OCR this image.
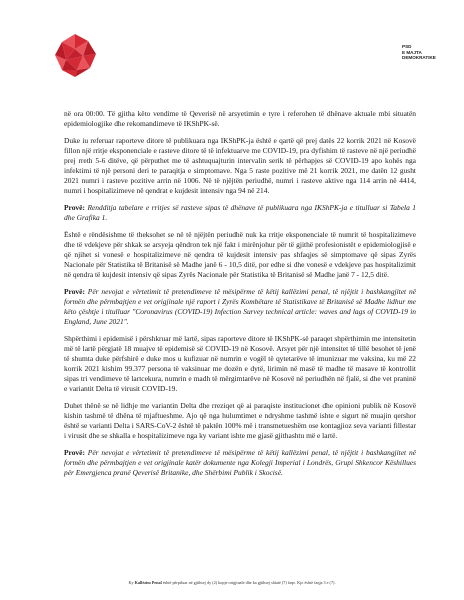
PSD
E MAJTA
DEMOKRATIKE

në ora 00:00. Të gjitha këto vendime të Qeverisë në arsyetimin e tyre i referohen të dhënave aktuale mbi situatën epidemiologjike dhe rekomandimeve të IKShPK-së.

Duke iu referuar raporteve ditore të publikuara nga IKShPK-ja është e qartë që prej datës 22 korrik 2021 në Kosovë fillon një rritje eksponenciale e rasteve ditore të të infektuarve me COVID-19, pra dyfishim të rasteve në një periudhë prej rreth 5-6 ditëve, që përputhet me të ashtuquajturin intervalin serik të përhapjes së COVID-19 apo kohës nga infektimi të një personi deri te paraqitja e simptomave. Nga 5 raste pozitive më 21 korrik 2021, me datën 12 gusht 2021 numri i rasteve pozitive arrin në 1006. Në të njëjtën periudhë, numri i rasteve aktive nga 114 arrin në 4414, numri i hospitalizimeve në qendrat e kujdesit intensiv nga 94 në 214.

Provë: Rendditja tabelare e rritjes së rasteve sipas të dhënave të publikuara nga IKShPK-ja e titulluar si Tabela 1 dhe Grafika 1.

Është e rëndësishme të theksohet se në të njëjtën periudhë nuk ka rritje eksponenciale të numrit të hospitalizimeve dhe të vdekjeve për shkak se arsyeja qëndron tek një fakt i mirënjohur për të gjithë profesionistët e epidemiologjisë e që njihet si vonesë e hospitalizimeve në qendra të kujdesit intensiv pas shfaqjes së simptomave që sipas Zyrës Nacionale për Statistika të Britanisë së Madhe janë 6 - 10,5 ditë, por edhe si dhe vonesë e vdekjeve pas hospitalizimit në qendra të kujdesit intensiv që sipas Zyrës Nacionale për Statistika të Britanisë së Madhe janë 7 - 12,5 ditë.

Provë: Për nevojat e vërtetimit të pretendimeve të mësipërme të këtij kallëzimi penal, të njëjtit i bashkangjitet në formën dhe përmbajtjen e vet origjinale një raport i Zyrës Kombëtare të Statistikave të Britanisë së Madhe lidhur me këto çështje i titulluar "Coronavirus (COVID-19) Infection Survey technical article: waves and lags of COVID-19 in England, June 2021".

Shpërthimi i epidemisë i përshkruar më lartë, sipas raporteve ditore të IKShPK-së paraqet shpërthimin me intensitetin më të lartë përgjatë 18 muajve të epidemisë së COVID-19 në Kosovë. Arsyet për një intensitet të tillë besohet të jenë të shumta duke përfshirë e duke mos u kufizuar në numrin e vogël të qytetarëve të imunizuar me vaksina, ku më 22 korrik 2021 kishim 99.377 persona të vaksinuar me dozën e dytë, lirimin në masë të madhe të masave të kontrollit sipas tri vendimeve të lartcekura, numrin e madh të mërgimtarëve në Kosovë në periudhën në fjalë, si dhe vet praninë e variantit Delta të virusit COVID-19.

Duhet thënë se në lidhje me variantin Delta dhe rreziqet që ai paraqiste institucionet dhe opinioni publik në Kosovë kishin tashmë të dhëna të mjaftueshme. Ajo që nga hulumtimet e ndryshme tashmë ishte e sigurt në muajin qershor është se varianti Delta i SARS-CoV-2 është të paktën 100% më i transmetueshëm ose kontagjioz seva varianti fillestar i virusit dhe se shkalla e hospitalizimeve nga ky variant ishte me gjasë gjithashtu më e lartë.

Provë: Për nevojat e vërtetimit të pretendimeve të mësipërme të këtij kallëzimi penal, të njëjtit i bashkangjitet në formën dhe përmbajtjen e vet origjinale katër dokumente nga Kolegji Imperial i Londrës, Grupi Shkencor Këshillues për Emergjenca pranë Qeverisë Britanike, dhe Shërbimi Publik i Skocisë.

Ky Kallëzim Penal është përpiluar në gjithsej dy (2) kopje origjinale dhe ka gjithsej shtatë (7) faqe. Kjo është faqja 3 e (7).
